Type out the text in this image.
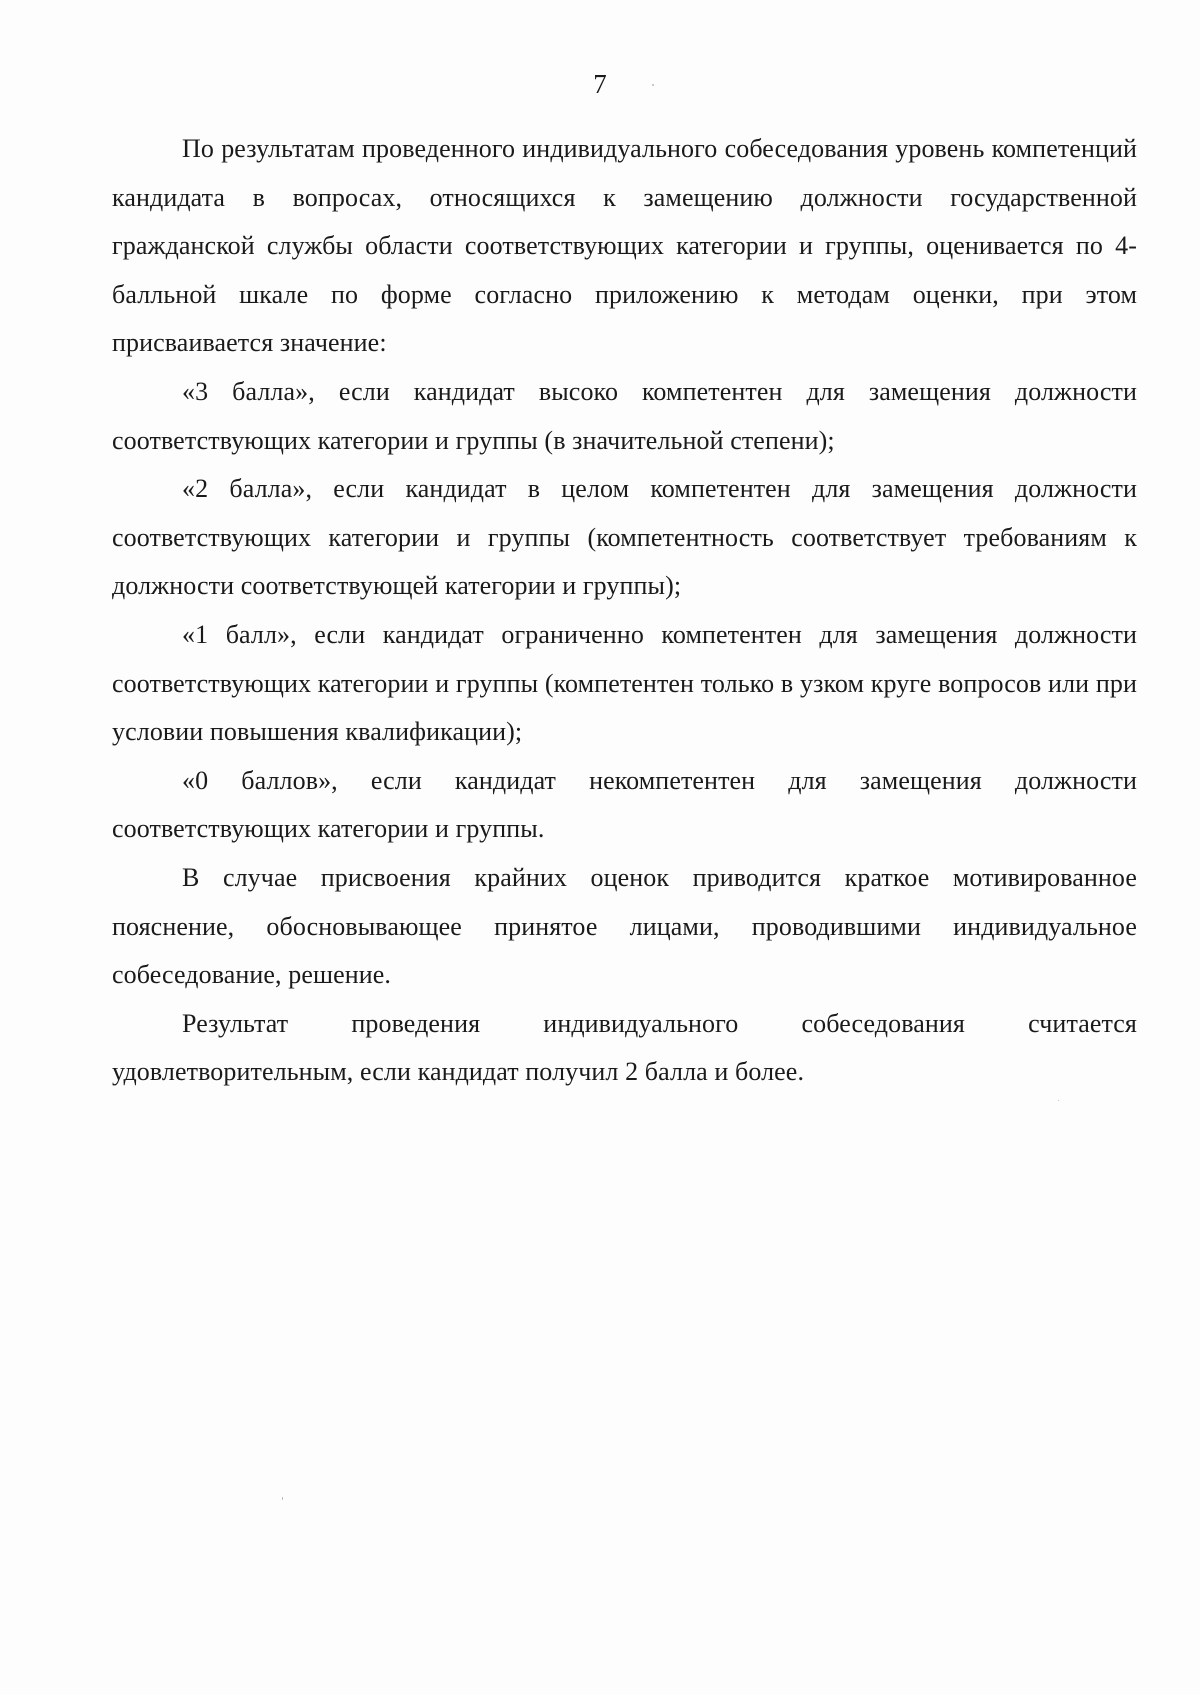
7

По результатам проведенного индивидуального собеседования уровень компетенций кандидата в вопросах, относящихся к замещению должности государственной гражданской службы области соответствующих категории и группы, оценивается по 4-балльной шкале по форме согласно приложению к методам оценки, при этом присваивается значение:

«3 балла», если кандидат высоко компетентен для замещения должности соответствующих категории и группы (в значительной степени);

«2 балла», если кандидат в целом компетентен для замещения должности соответствующих категории и группы (компетентность соответствует требованиям к должности соответствующей категории и группы);

«1 балл», если кандидат ограниченно компетентен для замещения должности соответствующих категории и группы (компетентен только в узком круге вопросов или при условии повышения квалификации);

«0 баллов», если кандидат некомпетентен для замещения должности соответствующих категории и группы.

В случае присвоения крайних оценок приводится краткое мотивированное пояснение, обосновывающее принятое лицами, проводившими индивидуальное собеседование, решение.

Результат проведения индивидуального собеседования считается удовлетворительным, если кандидат получил 2 балла и более.
